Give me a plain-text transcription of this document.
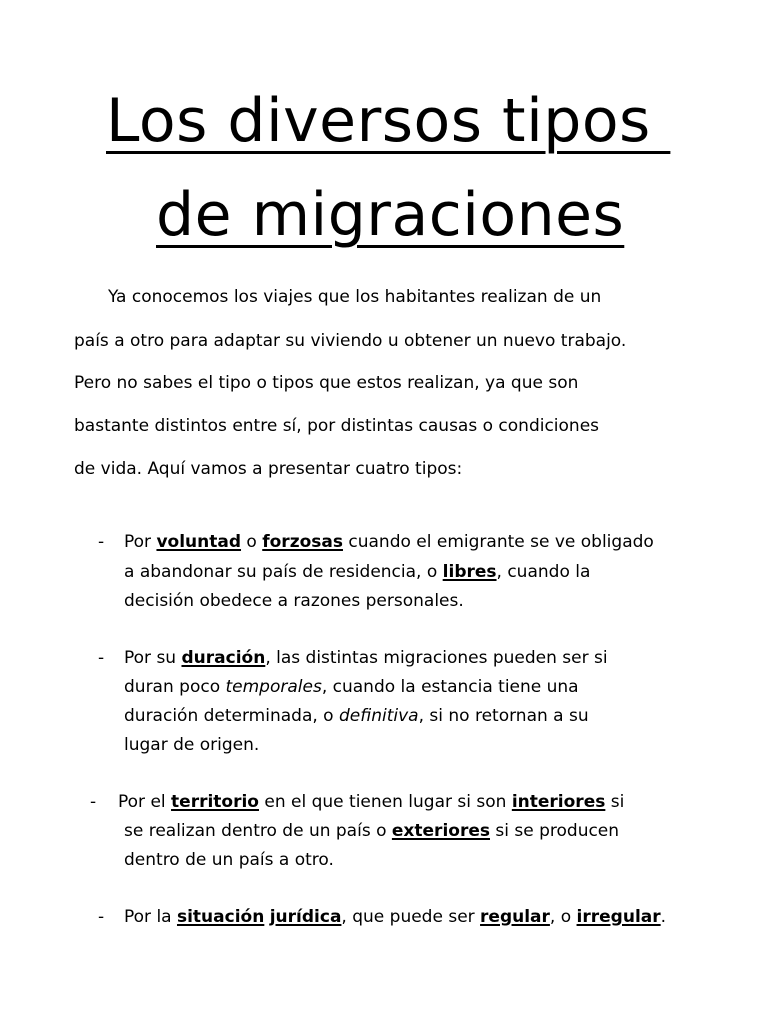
Los diversos tipos
de migraciones
Ya conocemos los viajes que los habitantes realizan de un
país a otro para adaptar su viviendo u obtener un nuevo trabajo.
Pero no sabes el tipo o tipos que estos realizan, ya que son
bastante distintos entre sí, por distintas causas o condiciones
de vida. Aquí vamos a presentar cuatro tipos:
- Por voluntad o forzosas cuando el emigrante se ve obligado
a abandonar su país de residencia, o libres, cuando la
decisión obedece a razones personales.
- Por su duración, las distintas migraciones pueden ser si
duran poco temporales, cuando la estancia tiene una
duración determinada, o definitiva, si no retornan a su
lugar de origen.
- Por el territorio en el que tienen lugar si son interiores si
se realizan dentro de un país o exteriores si se producen
dentro de un país a otro.
- Por la situación jurídica, que puede ser regular, o irregular.
